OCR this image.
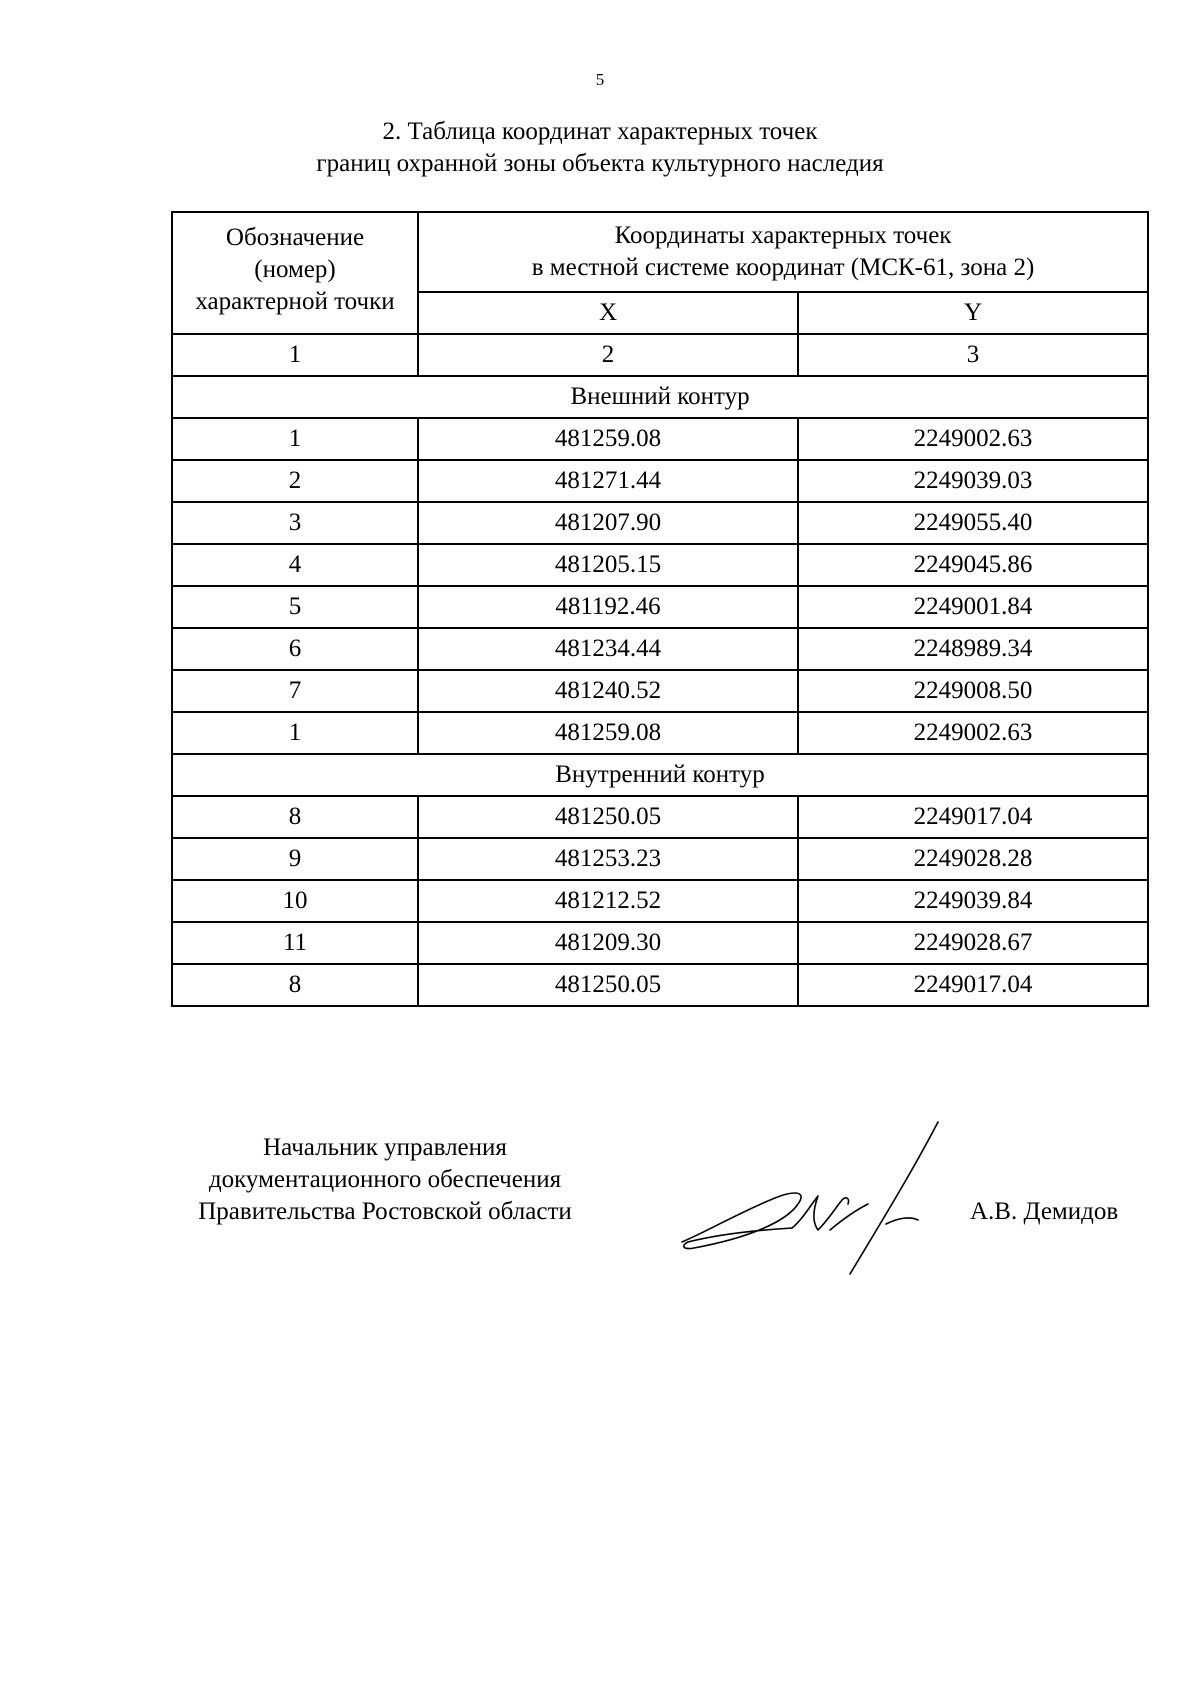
5
2. Таблица координат характерных точек
границ охранной зоны объекта культурного наследия
Обозначение
(номер)
характерной точки	Координаты характерных точек
в местной системе координат (МСК-61, зона 2)	

	X	Y
1	2	3
Внешний контур		
1	481259.08	2249002.63
2	481271.44	2249039.03
3	481207.90	2249055.40
4	481205.15	2249045.86
5	481192.46	2249001.84
6	481234.44	2248989.34
7	481240.52	2249008.50
1	481259.08	2249002.63
Внутренний контур		
8	481250.05	2249017.04
9	481253.23	2249028.28
10	481212.52	2249039.84
11	481209.30	2249028.67
8	481250.05	2249017.04
Начальник управления
документационного обеспечения
Правительства Ростовской области	А.В. Демидов
